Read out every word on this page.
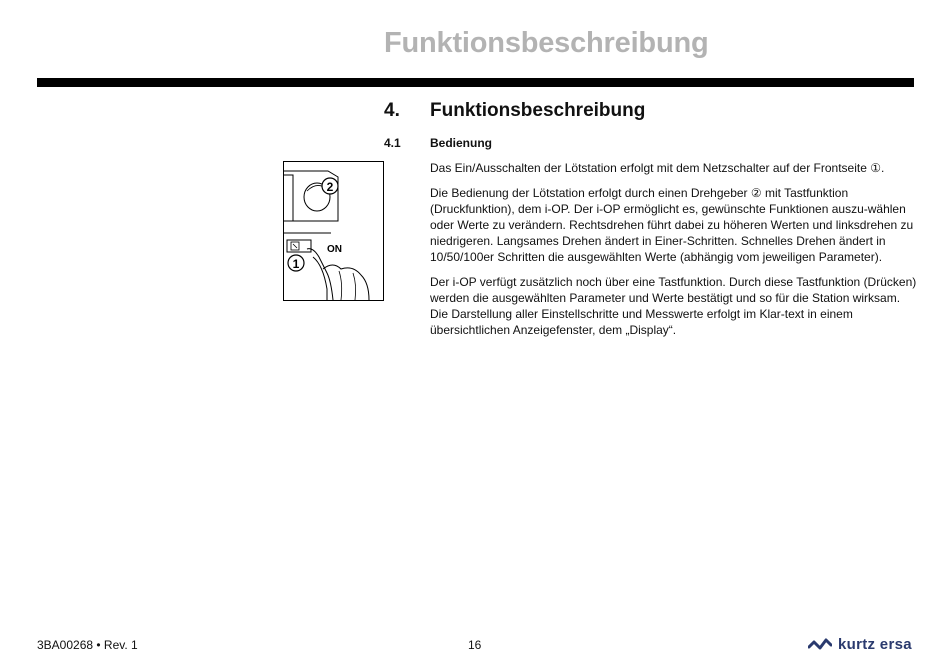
Funktionsbeschreibung
4. Funktionsbeschreibung
4.1 Bedienung
2
1
ON

Das Ein/Ausschalten der Lötstation erfolgt mit dem Netzschalter auf der Frontseite ①.

Die Bedienung der Lötstation erfolgt durch einen Drehgeber ② mit Tastfunktion (Druckfunktion), dem i-OP. Der i-OP ermöglicht es, gewünschte Funktionen auszu-wählen oder Werte zu verändern. Rechtsdrehen führt dabei zu höheren Werten und linksdrehen zu niedrigeren. Langsames Drehen ändert in Einer-Schritten. Schnelles Drehen ändert in 10/50/100er Schritten die ausgewählten Werte (abhängig vom jeweiligen Parameter).

Der i-OP verfügt zusätzlich noch über eine Tastfunktion. Durch diese Tastfunktion (Drücken) werden die ausgewählten Parameter und Werte bestätigt und so für die Station wirksam. Die Darstellung aller Einstellschritte und Messwerte erfolgt im Klar-text in einem übersichtlichen Anzeigefenster, dem „Display“.

3BA00268 • Rev. 1	16	kurtz ersa
